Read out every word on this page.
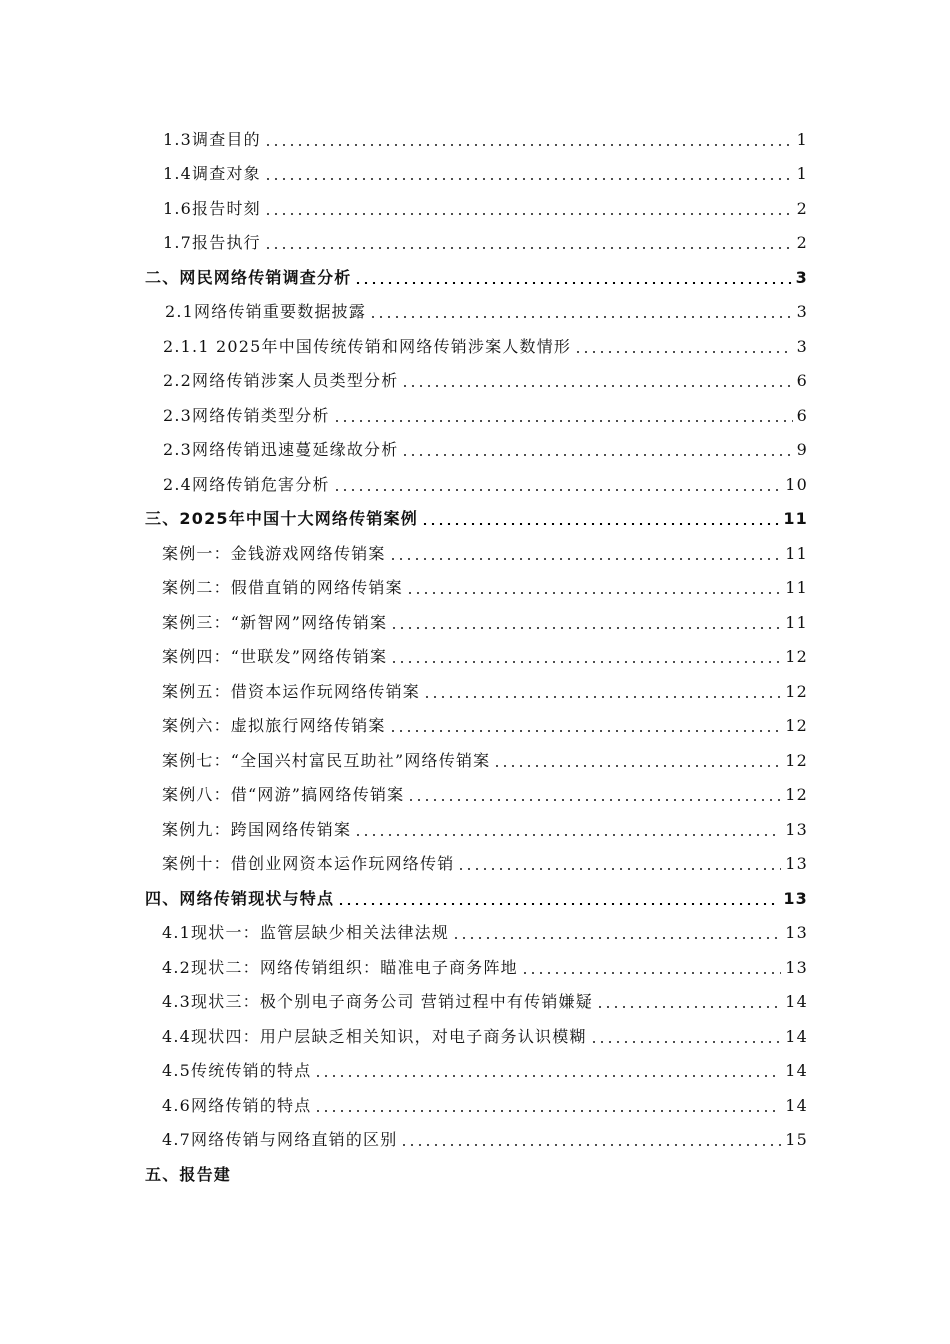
1.3调查目的	1
1.4调查对象	1
1.6报告时刻	2
1.7报告执行	2
二、网民网络传销调查分析	3
2.1网络传销重要数据披露	3
2.1.1 2025年中国传统传销和网络传销涉案人数情形	3
2.2网络传销涉案人员类型分析	6
2.3网络传销类型分析	6
2.3网络传销迅速蔓延缘故分析	9
2.4网络传销危害分析	10
三、2025年中国十大网络传销案例	11
案例一：金钱游戏网络传销案	11
案例二：假借直销的网络传销案	11
案例三：“新智网”网络传销案	11
案例四：“世联发”网络传销案	12
案例五：借资本运作玩网络传销案	12
案例六：虚拟旅行网络传销案	12
案例七：“全国兴村富民互助社”网络传销案	12
案例八：借“网游”搞网络传销案	12
案例九：跨国网络传销案	13
案例十：借创业网资本运作玩网络传销	13
四、网络传销现状与特点	13
4.1现状一：监管层缺少相关法律法规	13
4.2现状二：网络传销组织：瞄准电子商务阵地	13
4.3现状三：极个别电子商务公司 营销过程中有传销嫌疑	14
4.4现状四：用户层缺乏相关知识，对电子商务认识模糊	14
4.5传统传销的特点	14
4.6网络传销的特点	14
4.7网络传销与网络直销的区别	15
五、报告建
